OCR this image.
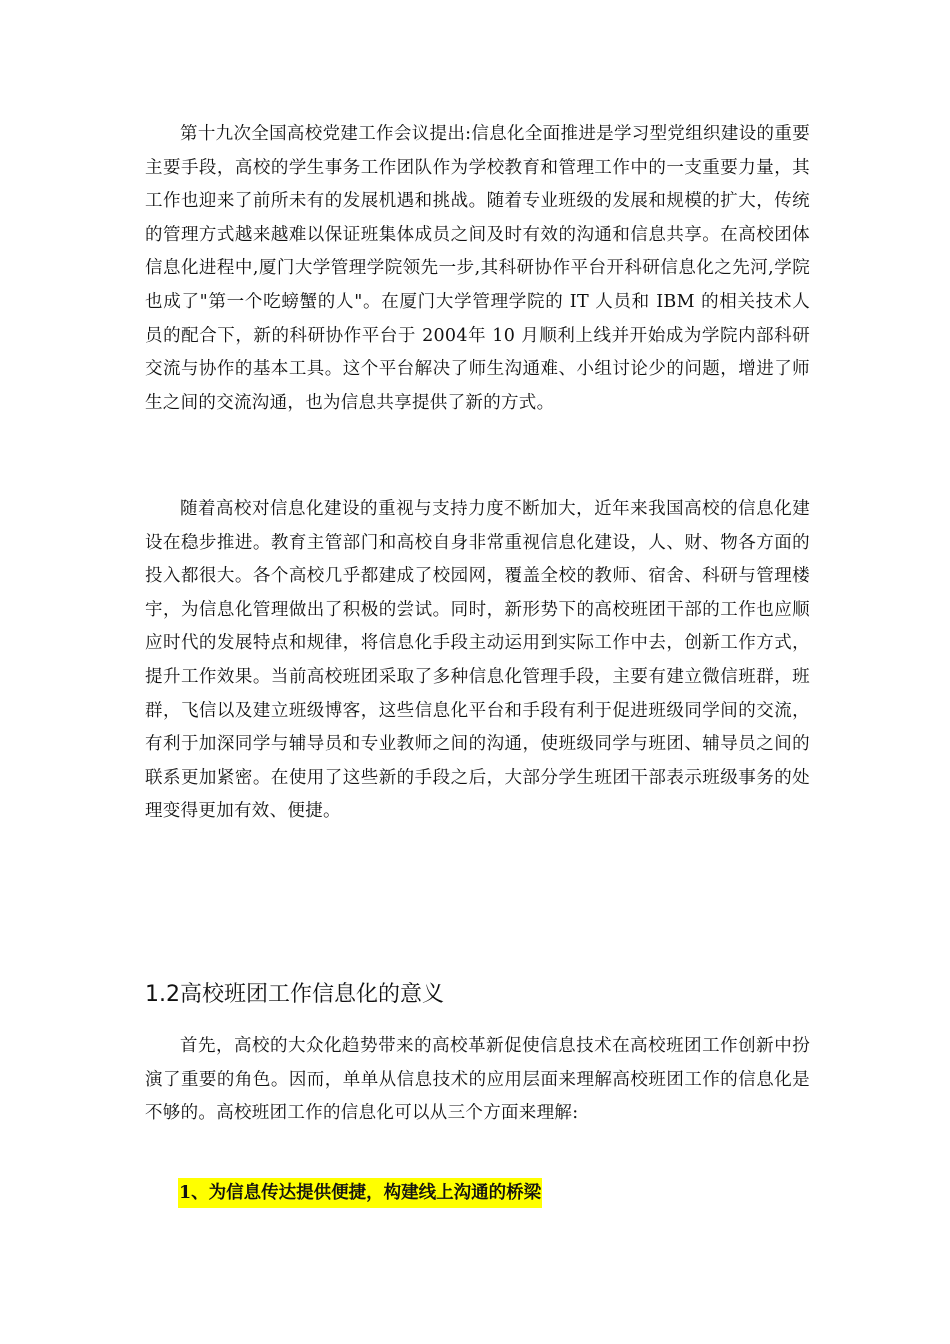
第十九次全国高校党建工作会议提出:信息化全面推进是学习型党组织建设的重要主要手段，高校的学生事务工作团队作为学校教育和管理工作中的一支重要力量，其工作也迎来了前所未有的发展机遇和挑战。随着专业班级的发展和规模的扩大，传统的管理方式越来越难以保证班集体成员之间及时有效的沟通和信息共享。在高校团体信息化进程中,厦门大学管理学院领先一步,其科研协作平台开科研信息化之先河,学院也成了"第一个吃螃蟹的人"。在厦门大学管理学院的 IT 人员和 IBM 的相关技术人员的配合下，新的科研协作平台于 2004年 10 月顺利上线并开始成为学院内部科研交流与协作的基本工具。这个平台解决了师生沟通难、小组讨论少的问题，增进了师生之间的交流沟通，也为信息共享提供了新的方式。

随着高校对信息化建设的重视与支持力度不断加大，近年来我国高校的信息化建设在稳步推进。教育主管部门和高校自身非常重视信息化建设，人、财、物各方面的投入都很大。各个高校几乎都建成了校园网，覆盖全校的教师、宿舍、科研与管理楼宇，为信息化管理做出了积极的尝试。同时，新形势下的高校班团干部的工作也应顺应时代的发展特点和规律，将信息化手段主动运用到实际工作中去，创新工作方式，提升工作效果。当前高校班团采取了多种信息化管理手段，主要有建立微信班群，班群，飞信以及建立班级博客，这些信息化平台和手段有利于促进班级同学间的交流，有利于加深同学与辅导员和专业教师之间的沟通，使班级同学与班团、辅导员之间的联系更加紧密。在使用了这些新的手段之后，大部分学生班团干部表示班级事务的处理变得更加有效、便捷。

1.2高校班团工作信息化的意义

首先，高校的大众化趋势带来的高校革新促使信息技术在高校班团工作创新中扮演了重要的角色。因而，单单从信息技术的应用层面来理解高校班团工作的信息化是不够的。高校班团工作的信息化可以从三个方面来理解:

1、为信息传达提供便捷，构建线上沟通的桥梁
